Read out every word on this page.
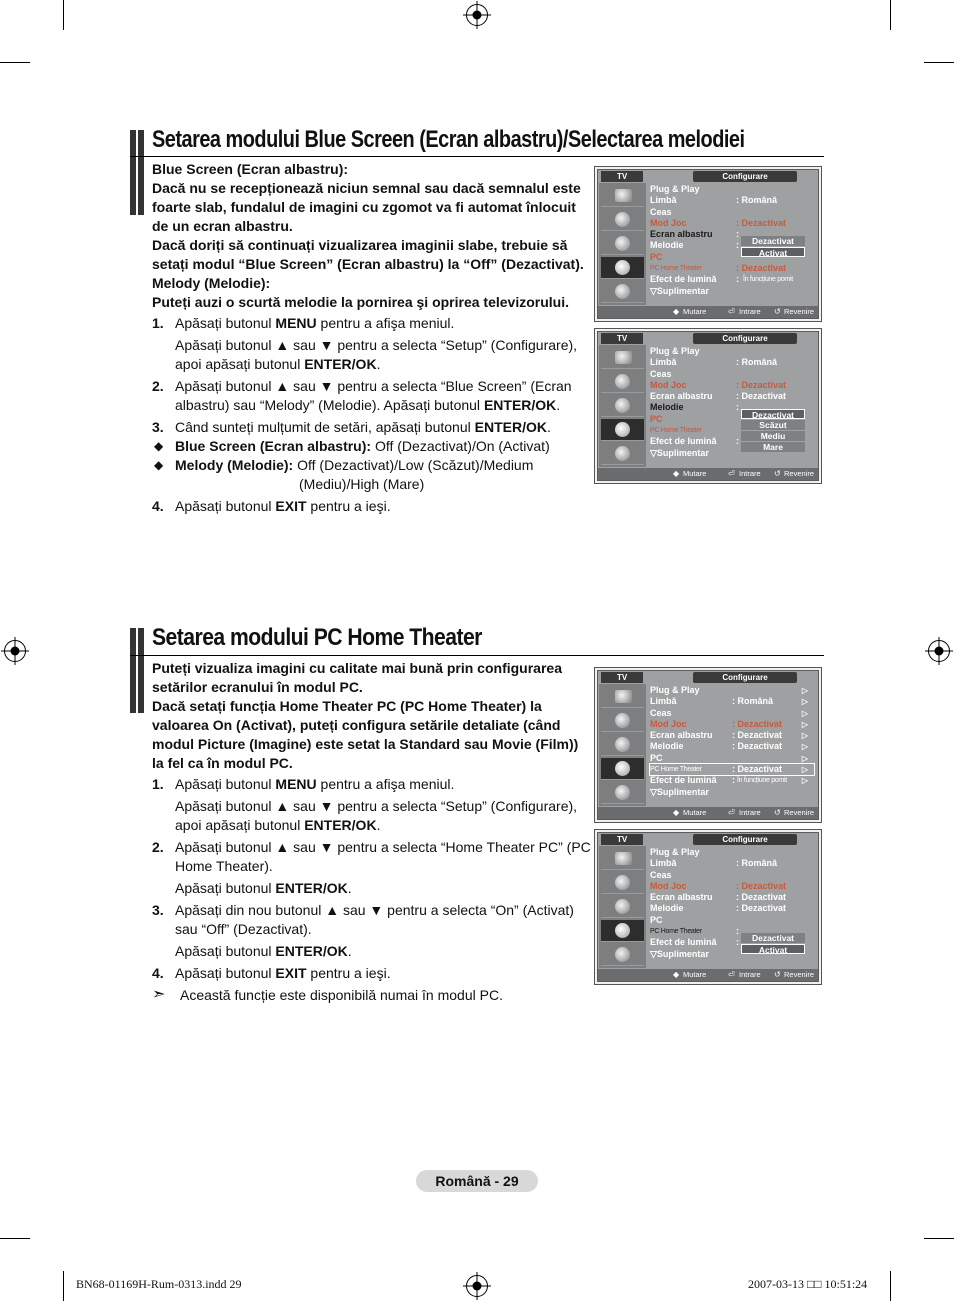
Setarea modului Blue Screen (Ecran albastru)/Selectarea melodiei

Blue Screen (Ecran albastru):

Dacă nu se recepționează niciun semnal sau dacă semnalul este foarte slab, fundalul de imagini cu zgomot va fi automat înlocuit de un ecran albastru.

Dacă doriți să continuați vizualizarea imaginii slabe, trebuie să setați modul “Blue Screen” (Ecran albastru) la “Off” (Dezactivat).

Melody (Melodie):

Puteți auzi o scurtă melodie la pornirea şi oprirea televizorului.

1. Apăsați butonul MENU pentru a afişa meniul.

Apăsați butonul ▲ sau ▼ pentru a selecta “Setup” (Configurare), apoi apăsați butonul ENTER/OK.

2. Apăsați butonul ▲ sau ▼ pentru a selecta “Blue Screen” (Ecran albastru) sau “Melody” (Melodie). Apăsați butonul ENTER/OK.

3. Când sunteți mulțumit de setări, apăsați butonul ENTER/OK.

◆ Blue Screen (Ecran albastru): Off (Dezactivat)/On (Activat)
◆ Melody (Melodie): Off (Dezactivat)/Low (Scăzut)/Medium
(Mediu)/High (Mare)
4. Apăsați butonul EXIT pentru a ieşi.

TV	Configurare
Plug & Play
Limbă	: Română
Ceas
Mod Joc	: Dezactivat
Ecran albastru	:
Melodie	:
PC
PC Home Theater	: Dezactivat
Efect de lumină : În funcțiune pornit
▽Suplimentar
Dezactivat
Activat
◆ Mutare	⏎ Intrare ↺ Revenire
TV	Configurare
Plug & Play
Limbă	: Română
Ceas
Mod Joc	: Dezactivat
Ecran albastru	: Dezactivat
Melodie	:
PC
PC Home Theater
Efect de lumină :
▽Suplimentar
Dezactivat
Scăzut
Mediu
Mare
◆ Mutare	⏎ Intrare ↺ Revenire
Setarea modului PC Home Theater

Puteți vizualiza imagini cu calitate mai bună prin configurarea setărilor ecranului în modul PC.

Dacă setați funcția Home Theater PC (PC Home Theater) la valoarea On (Activat), puteți configura setările detaliate (când modul Picture (Imagine) este setat la Standard sau Movie (Film)) la fel ca în modul PC.

1. Apăsați butonul MENU pentru a afişa meniul.

Apăsați butonul ▲ sau ▼ pentru a selecta “Setup” (Configurare), apoi apăsați butonul ENTER/OK.

2. Apăsați butonul ▲ sau ▼ pentru a selecta “Home Theater PC” (PC Home Theater).

Apăsați butonul ENTER/OK.

3. Apăsați din nou butonul ▲ sau ▼ pentru a selecta “On” (Activat) sau “Off” (Dezactivat).

Apăsați butonul ENTER/OK.

4. Apăsați butonul EXIT pentru a ieşi.

➣ Această funcție este disponibilă numai în modul PC.
TV	Configurare
Plug & Play	▷
Limbă	: Română	▷
Ceas	▷
Mod Joc	: Dezactivat ▷
Ecran albastru : Dezactivat ▷
Melodie	: Dezactivat ▷
PC	▷
PC Home Theater	: Dezactivat ▷
Efect de lumină : În funcțiune pornit ▷
▽Suplimentar
◆ Mutare	⏎ Intrare ↺ Revenire
TV	Configurare
Plug & Play
Limbă	: Română
Ceas
Mod Joc	: Dezactivat
Ecran albastru	: Dezactivat
Melodie	: Dezactivat
PC
PC Home Theater	:
Efect de lumină :
▽Suplimentar
Dezactivat
Activat
◆ Mutare	⏎ Intrare ↺ Revenire
Română - 29
BN68-01169H-Rum-0313.indd 29	2007-03-13 □□ 10:51:24
